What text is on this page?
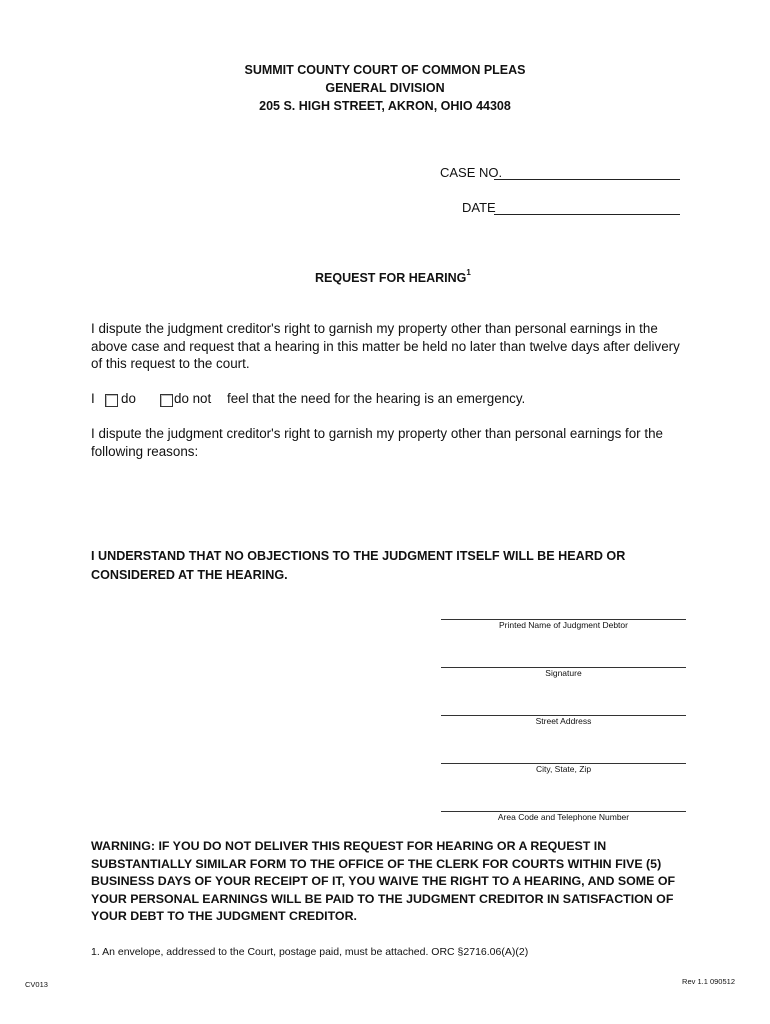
SUMMIT COUNTY COURT OF COMMON PLEAS
GENERAL DIVISION
205 S. HIGH STREET, AKRON, OHIO 44308
CASE NO.
DATE
REQUEST FOR HEARING$^1$
I dispute the judgment creditor's right to garnish my property other than personal earnings in the above case and request that a hearing in this matter be held no later than twelve days after delivery of this request to the court.
I do	do not feel that the need for the hearing is an emergency.
I dispute the judgment creditor's right to garnish my property other than personal earnings for the following reasons:
I UNDERSTAND THAT NO OBJECTIONS TO THE JUDGMENT ITSELF WILL BE HEARD OR CONSIDERED AT THE HEARING.
Printed Name of Judgment Debtor
Signature
Street Address
City, State, Zip
Area Code and Telephone Number
WARNING: IF YOU DO NOT DELIVER THIS REQUEST FOR HEARING OR A REQUEST IN SUBSTANTIALLY SIMILAR FORM TO THE OFFICE OF THE CLERK FOR COURTS WITHIN FIVE (5) BUSINESS DAYS OF YOUR RECEIPT OF IT, YOU WAIVE THE RIGHT TO A HEARING, AND SOME OF YOUR PERSONAL EARNINGS WILL BE PAID TO THE JUDGMENT CREDITOR IN SATISFACTION OF YOUR DEBT TO THE JUDGMENT CREDITOR.
1. An envelope, addressed to the Court, postage paid, must be attached. ORC §2716.06(A)(2)
CV013	Rev 1.1 090512
